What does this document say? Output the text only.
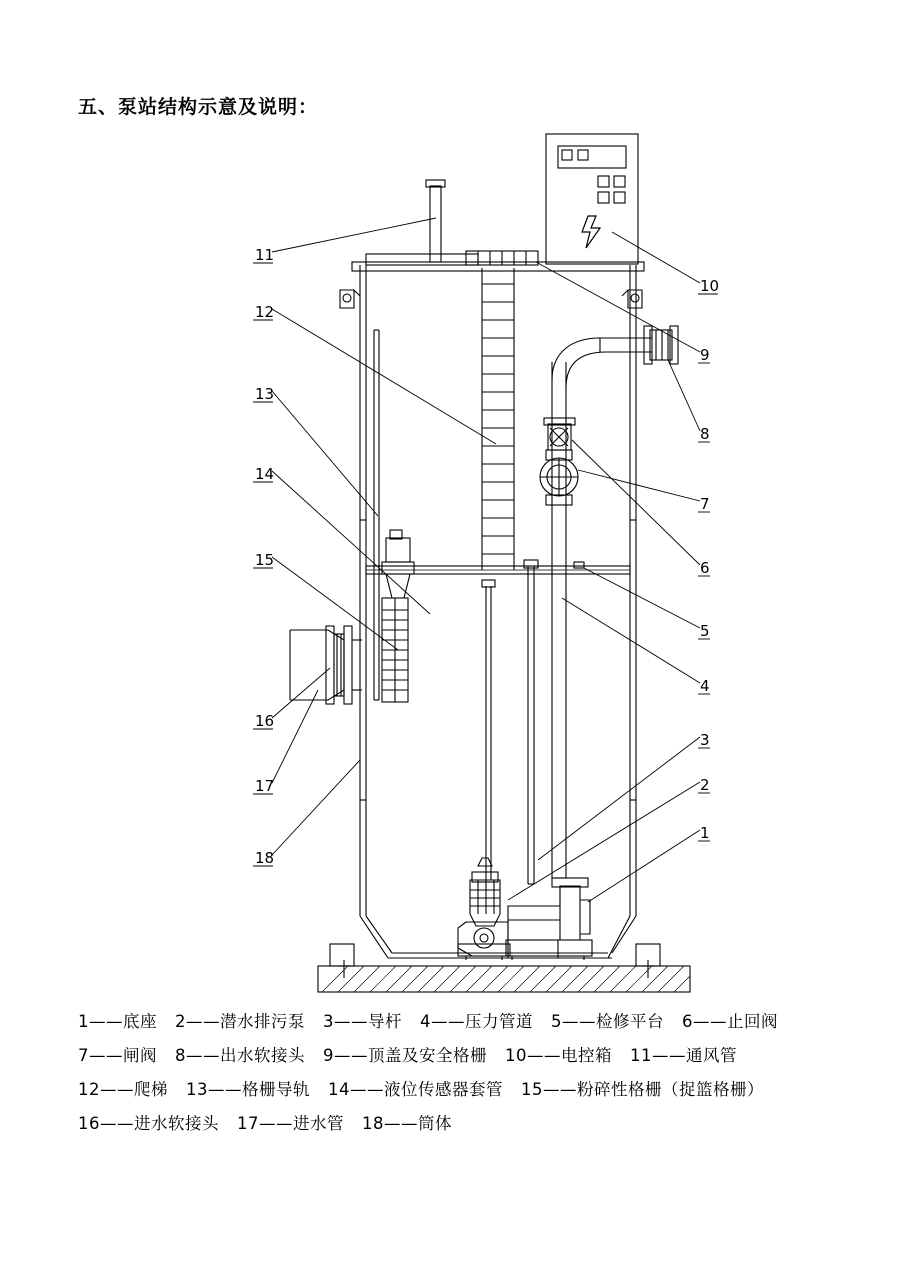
五、泵站结构示意及说明：
1
2
3
4
5
6
7
8
9
10
11
12
13
14
15
16
17
18
1——底座 2——潜水排污泵 3——导杆 4——压力管道 5——检修平台 6——止回阀
7——闸阀 8——出水软接头 9——顶盖及安全格栅 10——电控箱 11——通风管
12——爬梯 13——格栅导轨 14——液位传感器套管 15——粉碎性格栅（捉篮格栅）
16——进水软接头 17——进水管 18——筒体
